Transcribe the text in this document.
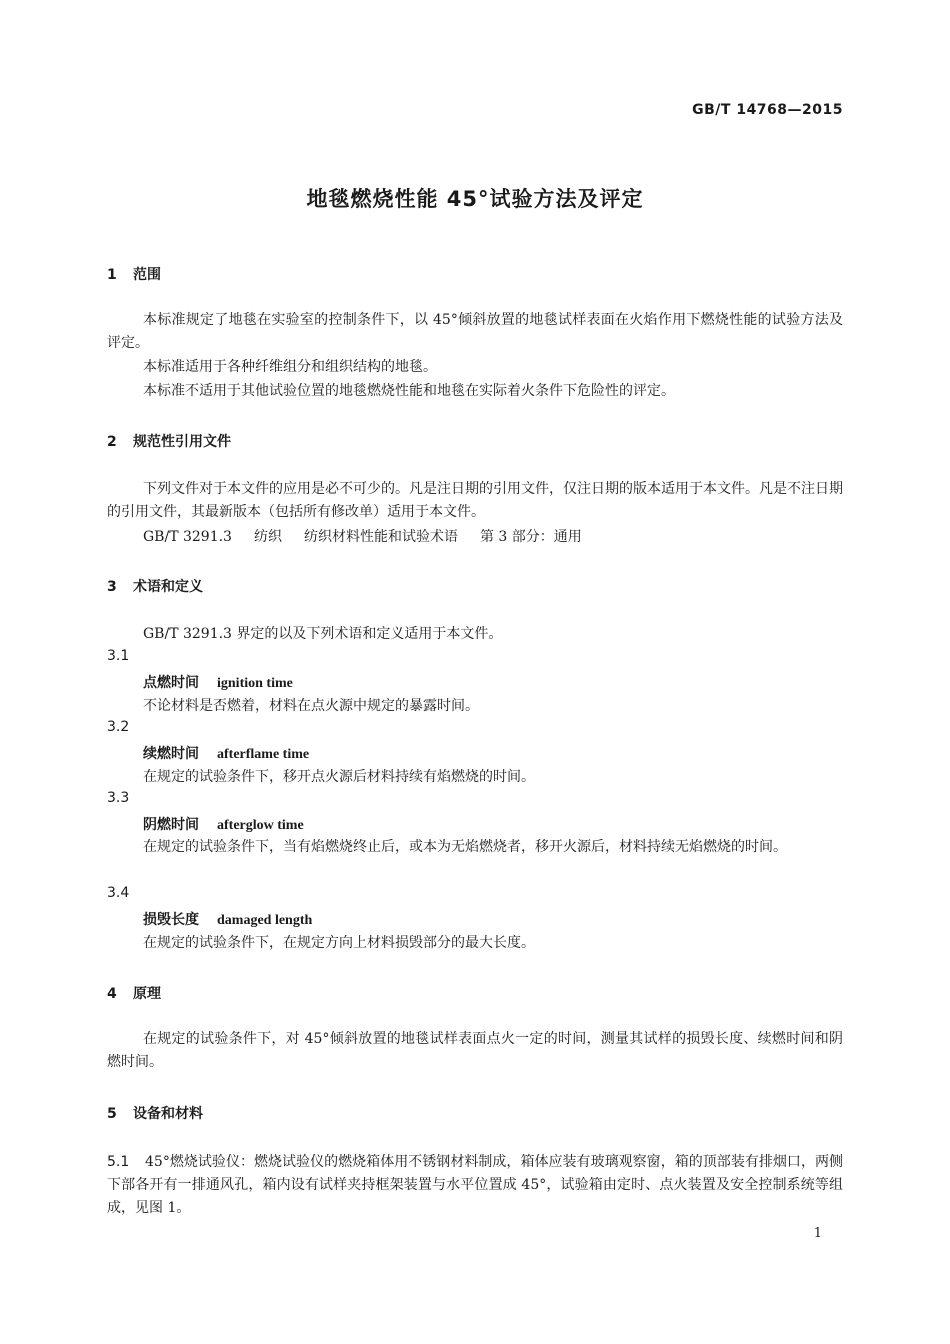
GB/T 14768—2015
地毯燃烧性能 45°试验方法及评定
1 范围
本标准规定了地毯在实验室的控制条件下，以 45°倾斜放置的地毯试样表面在火焰作用下燃烧性能的试验方法及评定。
本标准适用于各种纤维组分和组织结构的地毯。
本标准不适用于其他试验位置的地毯燃烧性能和地毯在实际着火条件下危险性的评定。
2 规范性引用文件
下列文件对于本文件的应用是必不可少的。凡是注日期的引用文件，仅注日期的版本适用于本文件。凡是不注日期的引用文件，其最新版本（包括所有修改单）适用于本文件。
GB/T 3291.3 纺织 纺织材料性能和试验术语 第 3 部分：通用
3 术语和定义
GB/T 3291.3 界定的以及下列术语和定义适用于本文件。
3.1
点燃时间 ignition time
不论材料是否燃着，材料在点火源中规定的暴露时间。
3.2
续燃时间 afterflame time
在规定的试验条件下，移开点火源后材料持续有焰燃烧的时间。
3.3
阴燃时间 afterglow time
在规定的试验条件下，当有焰燃烧终止后，或本为无焰燃烧者，移开火源后，材料持续无焰燃烧的时间。
3.4
损毁长度 damaged length
在规定的试验条件下，在规定方向上材料损毁部分的最大长度。
4 原理
在规定的试验条件下，对 45°倾斜放置的地毯试样表面点火一定的时间，测量其试样的损毁长度、续燃时间和阴燃时间。
5 设备和材料
5.1 45°燃烧试验仪：燃烧试验仪的燃烧箱体用不锈钢材料制成，箱体应装有玻璃观察窗，箱的顶部装有排烟口，两侧下部各开有一排通风孔，箱内设有试样夹持框架装置与水平位置成 45°，试验箱由定时、点火装置及安全控制系统等组成，见图 1。
1
